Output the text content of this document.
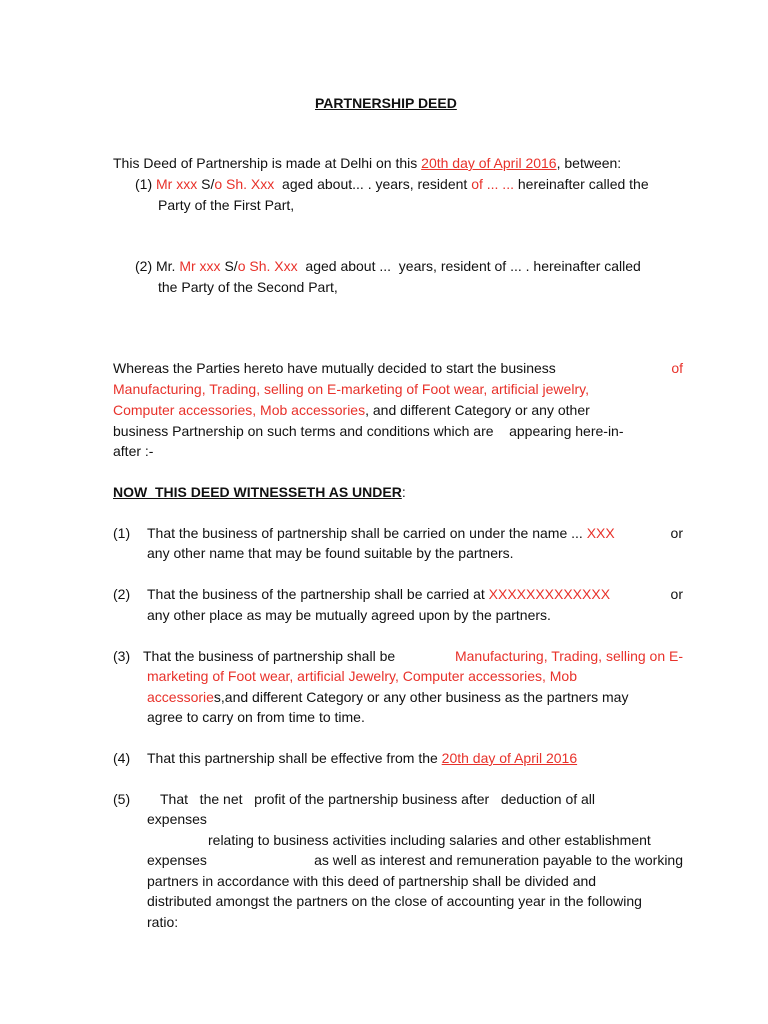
PARTNERSHIP DEED
This Deed of Partnership is made at Delhi on this 20th day of April 2016, between:
(1) Mr xxx S/o Sh. Xxx  aged about... . years, resident of ... ... hereinafter called the
Party of the First Part,
(2) Mr. Mr xxx S/o Sh. Xxx  aged about ...  years, resident of ... . hereinafter called
the Party of the Second Part,
Whereas the Parties hereto have mutually decided to start the business	of
Manufacturing, Trading, selling on E-marketing of Foot wear, artificial jewelry,
Computer accessories, Mob accessories, and different Category or any other
business Partnership on such terms and conditions which are    appearing here-in-
after :-
NOW  THIS DEED WITNESSETH AS UNDER:
(1) That the business of partnership shall be carried on under the name ... XXX	or
any other name that may be found suitable by the partners.
(2) That the business of the partnership shall be carried at XXXXXXXXXXXXX	or
any other place as may be mutually agreed upon by the partners.
(3) That the business of partnership shall be	Manufacturing, Trading, selling on E-
marketing of Foot wear, artificial Jewelry, Computer accessories, Mob
accessories,and different Category or any other business as the partners may
agree to carry on from time to time.
(4) That this partnership shall be effective from the 20th day of April 2016
(5) That   the net   profit of the partnership business after   deduction of all
expenses
relating to business activities including salaries and other establishment
expenses	as well as interest and remuneration payable to the working
partners in accordance with this deed of partnership shall be divided and
distributed amongst the partners on the close of accounting year in the following
ratio:
